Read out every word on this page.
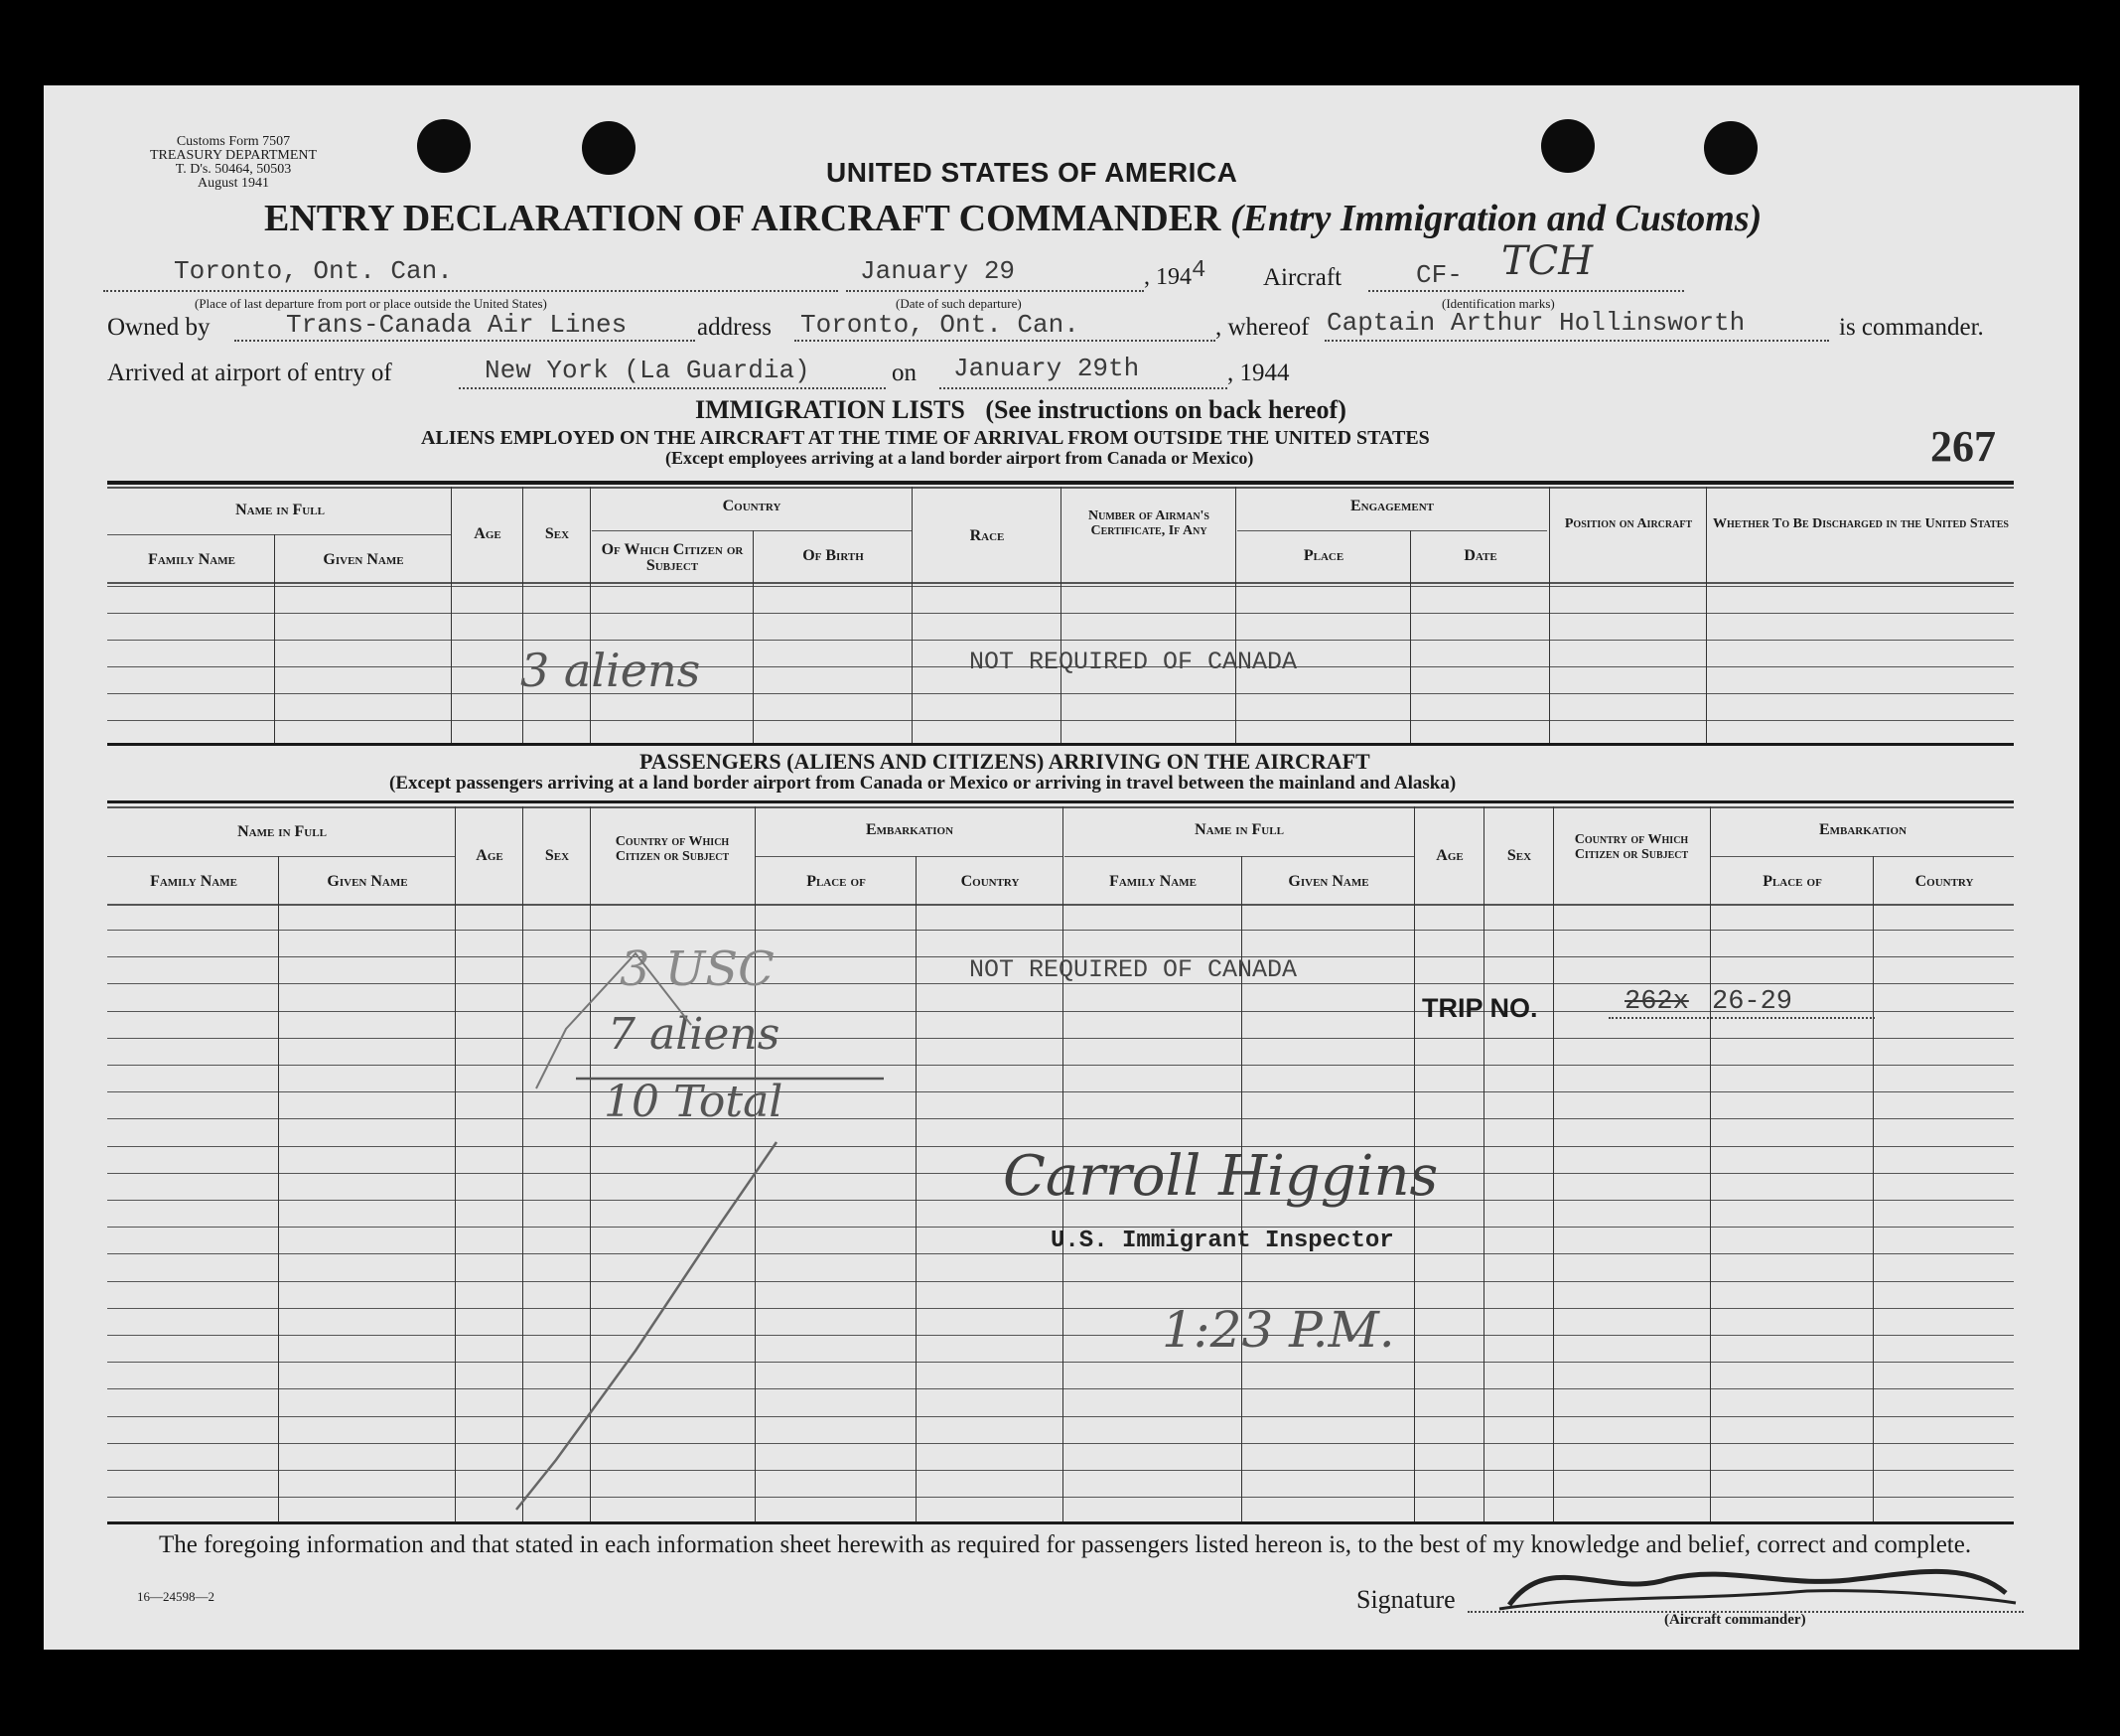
Customs Form 7507
TREASURY DEPARTMENT
T. D's. 50464, 50503
August 1941	UNITED STATES OF AMERICA
ENTRY DECLARATION OF AIRCRAFT COMMANDER (Entry Immigration and Customs)
Toronto, Ont. Can.
(Place of last departure from port or place outside the United States)
January 29
(Date of such departure)
, 1944 Aircraft	CF- TCH
(Identification marks)
Owned by	Trans-Canada Air Lines	address Toronto, Ont. Can.	, whereof Captain Arthur Hollinsworth	is commander.
Arrived at airport of entry of	New York (La Guardia)	on January 29th	, 1944
267
IMMIGRATION LISTS (See instructions on back hereof)
ALIENS EMPLOYED ON THE AIRCRAFT AT THE TIME OF ARRIVAL FROM OUTSIDE THE UNITED STATES
(Except employees arriving at a land border airport from Canada or Mexico)
Name in Full
Family Name	Given Name
Age	Sex
Country
Of Which Citizen or Subject
Of Birth
Race
Number of Airman's Certificate, If Any
Engagement
Place	Date
Position on Aircraft	Whether To Be Discharged in the United States
3 aliens	NOT REQUIRED OF CANADA
PASSENGERS (ALIENS AND CITIZENS) ARRIVING ON THE AIRCRAFT
(Except passengers arriving at a land border airport from Canada or Mexico or arriving in travel between the mainland and Alaska)
Name in Full
Family Name	Given Name
Age	Sex
Country of Which Citizen or Subject
Embarkation
Place of	Country
Name in Full
Family Name	Given Name
Age	Sex
Country of Which Citizen or Subject
Embarkation
Place of	Country
3 USC
7 aliens
10 Total
NOT REQUIRED OF CANADA
TRIP NO.	262x 26-29
Carroll Higgins
U.S. Immigrant Inspector
1:23 P.M.
The foregoing information and that stated in each information sheet herewith as required for passengers listed hereon is, to the best of my knowledge and belief, correct and complete.
16—24598—2	Signature
(Aircraft commander)
